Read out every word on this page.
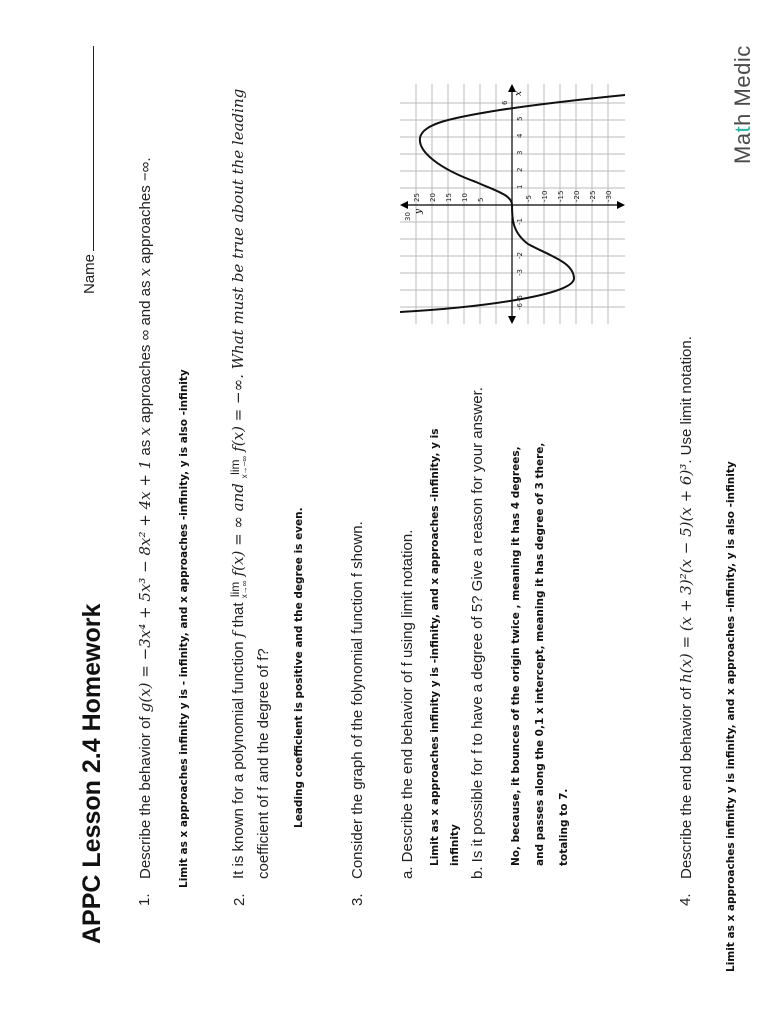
APPC Lesson 2.4 Homework
Name
1.
Describe the behavior of g(x) = −3x⁴ + 5x³ − 8x² + 4x + 1 as x approaches ∞ and as x approaches −∞.
Limit as x approaches infinity y is - infinity, and x approaches -infinity, y is also -infinity
2.
It is known for a polynomial function f that lim
x→∞
f(x) = ∞ and lim
x→−∞
f(x) = −∞. What must be true about the leading
coefficient of f and the degree of f? Leading coefficient is positive and the degree is even.
3.
Consider the graph of the folynomial function f shown. a. Describe the end behavior of f using limit notation. Limit as x approaches infinity y is -infinity, and x approaches -infinity, y is infinity b. Is it possible for f to have a degree of 5? Give a reason for your answer. No, because, it bounces of the origin twice , meaning it has 4 degrees, and passes along the 0,1 x intercept, meaning it has degree of 3 there, totaling to 7.
-6
-5
-3
-2
-1
1
2
3
4
5
6
30
25 20 15 10 5	-5 -10 -15 -20 -25 -30
x
y
4.
Describe the end behavior of h(x) = (x + 3)²(x − 5)(x + 6)³. Use limit notation.
Limit as x approaches infinity y is infinity, and x approaches -infinity, y is also -infinity
Math Medic
